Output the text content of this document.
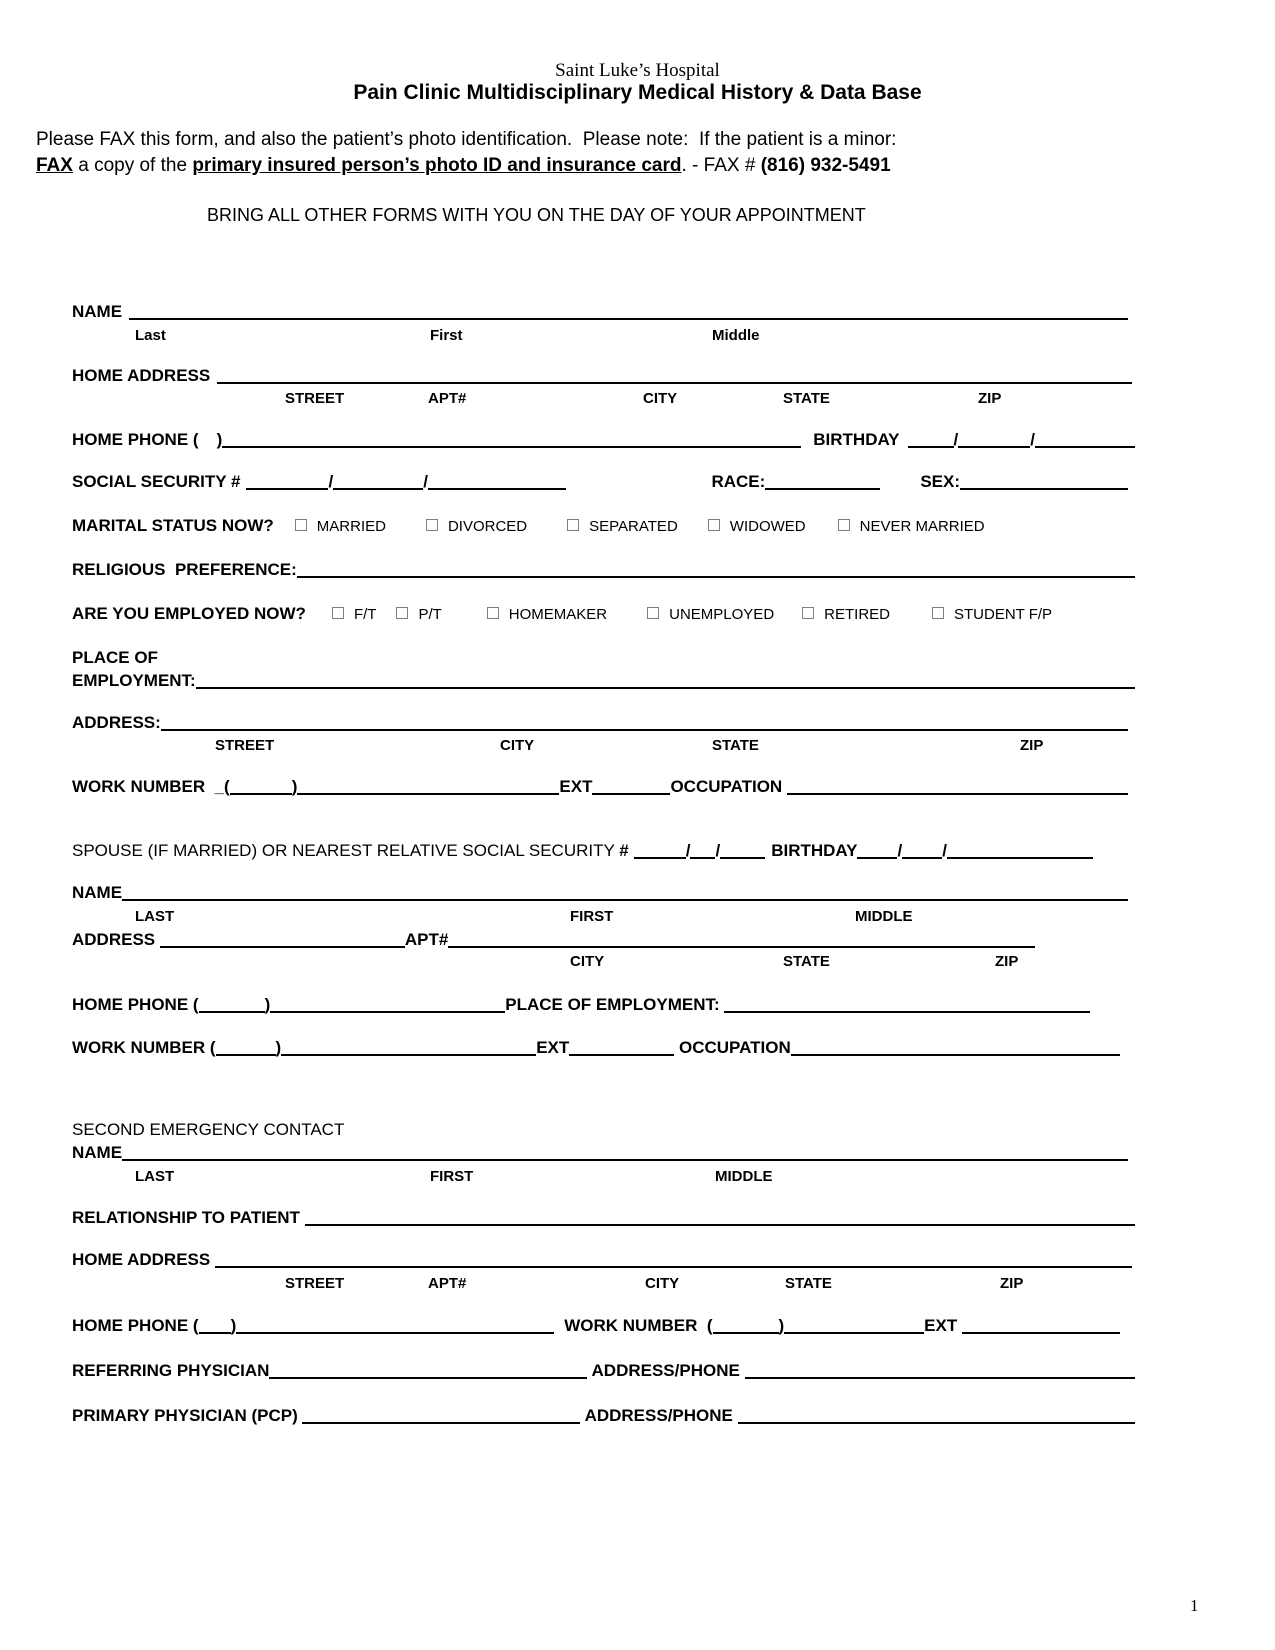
Saint Luke’s Hospital
Pain Clinic Multidisciplinary Medical History & Data Base
Please FAX this form, and also the patient’s photo identification.  Please note:  If the patient is a minor:
FAX a copy of the primary insured person’s photo ID and insurance card. - FAX # (816) 932-5491
BRING ALL OTHER FORMS WITH YOU ON THE DAY OF YOUR APPOINTMENT
NAME
Last	First	Middle
HOME ADDRESS
STREET	APT#	CITY	STATE	ZIP
HOME PHONE ( )	BIRTHDAY	/	/
SOCIAL SECURITY #	/	/	RACE:	SEX:
MARITAL STATUS NOW?	MARRIED	DIVORCED	SEPARATED	WIDOWED	NEVER MARRIED
RELIGIOUS  PREFERENCE:
ARE YOU EMPLOYED NOW?	F/T	P/T	HOMEMAKER	UNEMPLOYED	RETIRED	STUDENT F/P
PLACE OF
EMPLOYMENT:
ADDRESS:
STREET	CITY	STATE	ZIP
WORK NUMBER  _(	)	EXT	OCCUPATION
SPOUSE (IF MARRIED) OR NEAREST RELATIVE SOCIAL SECURITY #	/ /	BIRTHDAY / /
NAME
LAST	FIRST	MIDDLE
ADDRESS	APT#
CITY	STATE	ZIP
HOME PHONE (	)	PLACE OF EMPLOYMENT:
WORK NUMBER (	)	EXT	OCCUPATION
SECOND EMERGENCY CONTACT
NAME
LAST	FIRST	MIDDLE
RELATIONSHIP TO PATIENT
HOME ADDRESS
STREET	APT#	CITY	STATE	ZIP
HOME PHONE ( )	WORK NUMBER  (	)	EXT
REFERRING PHYSICIAN	ADDRESS/PHONE
PRIMARY PHYSICIAN (PCP)	ADDRESS/PHONE
1
